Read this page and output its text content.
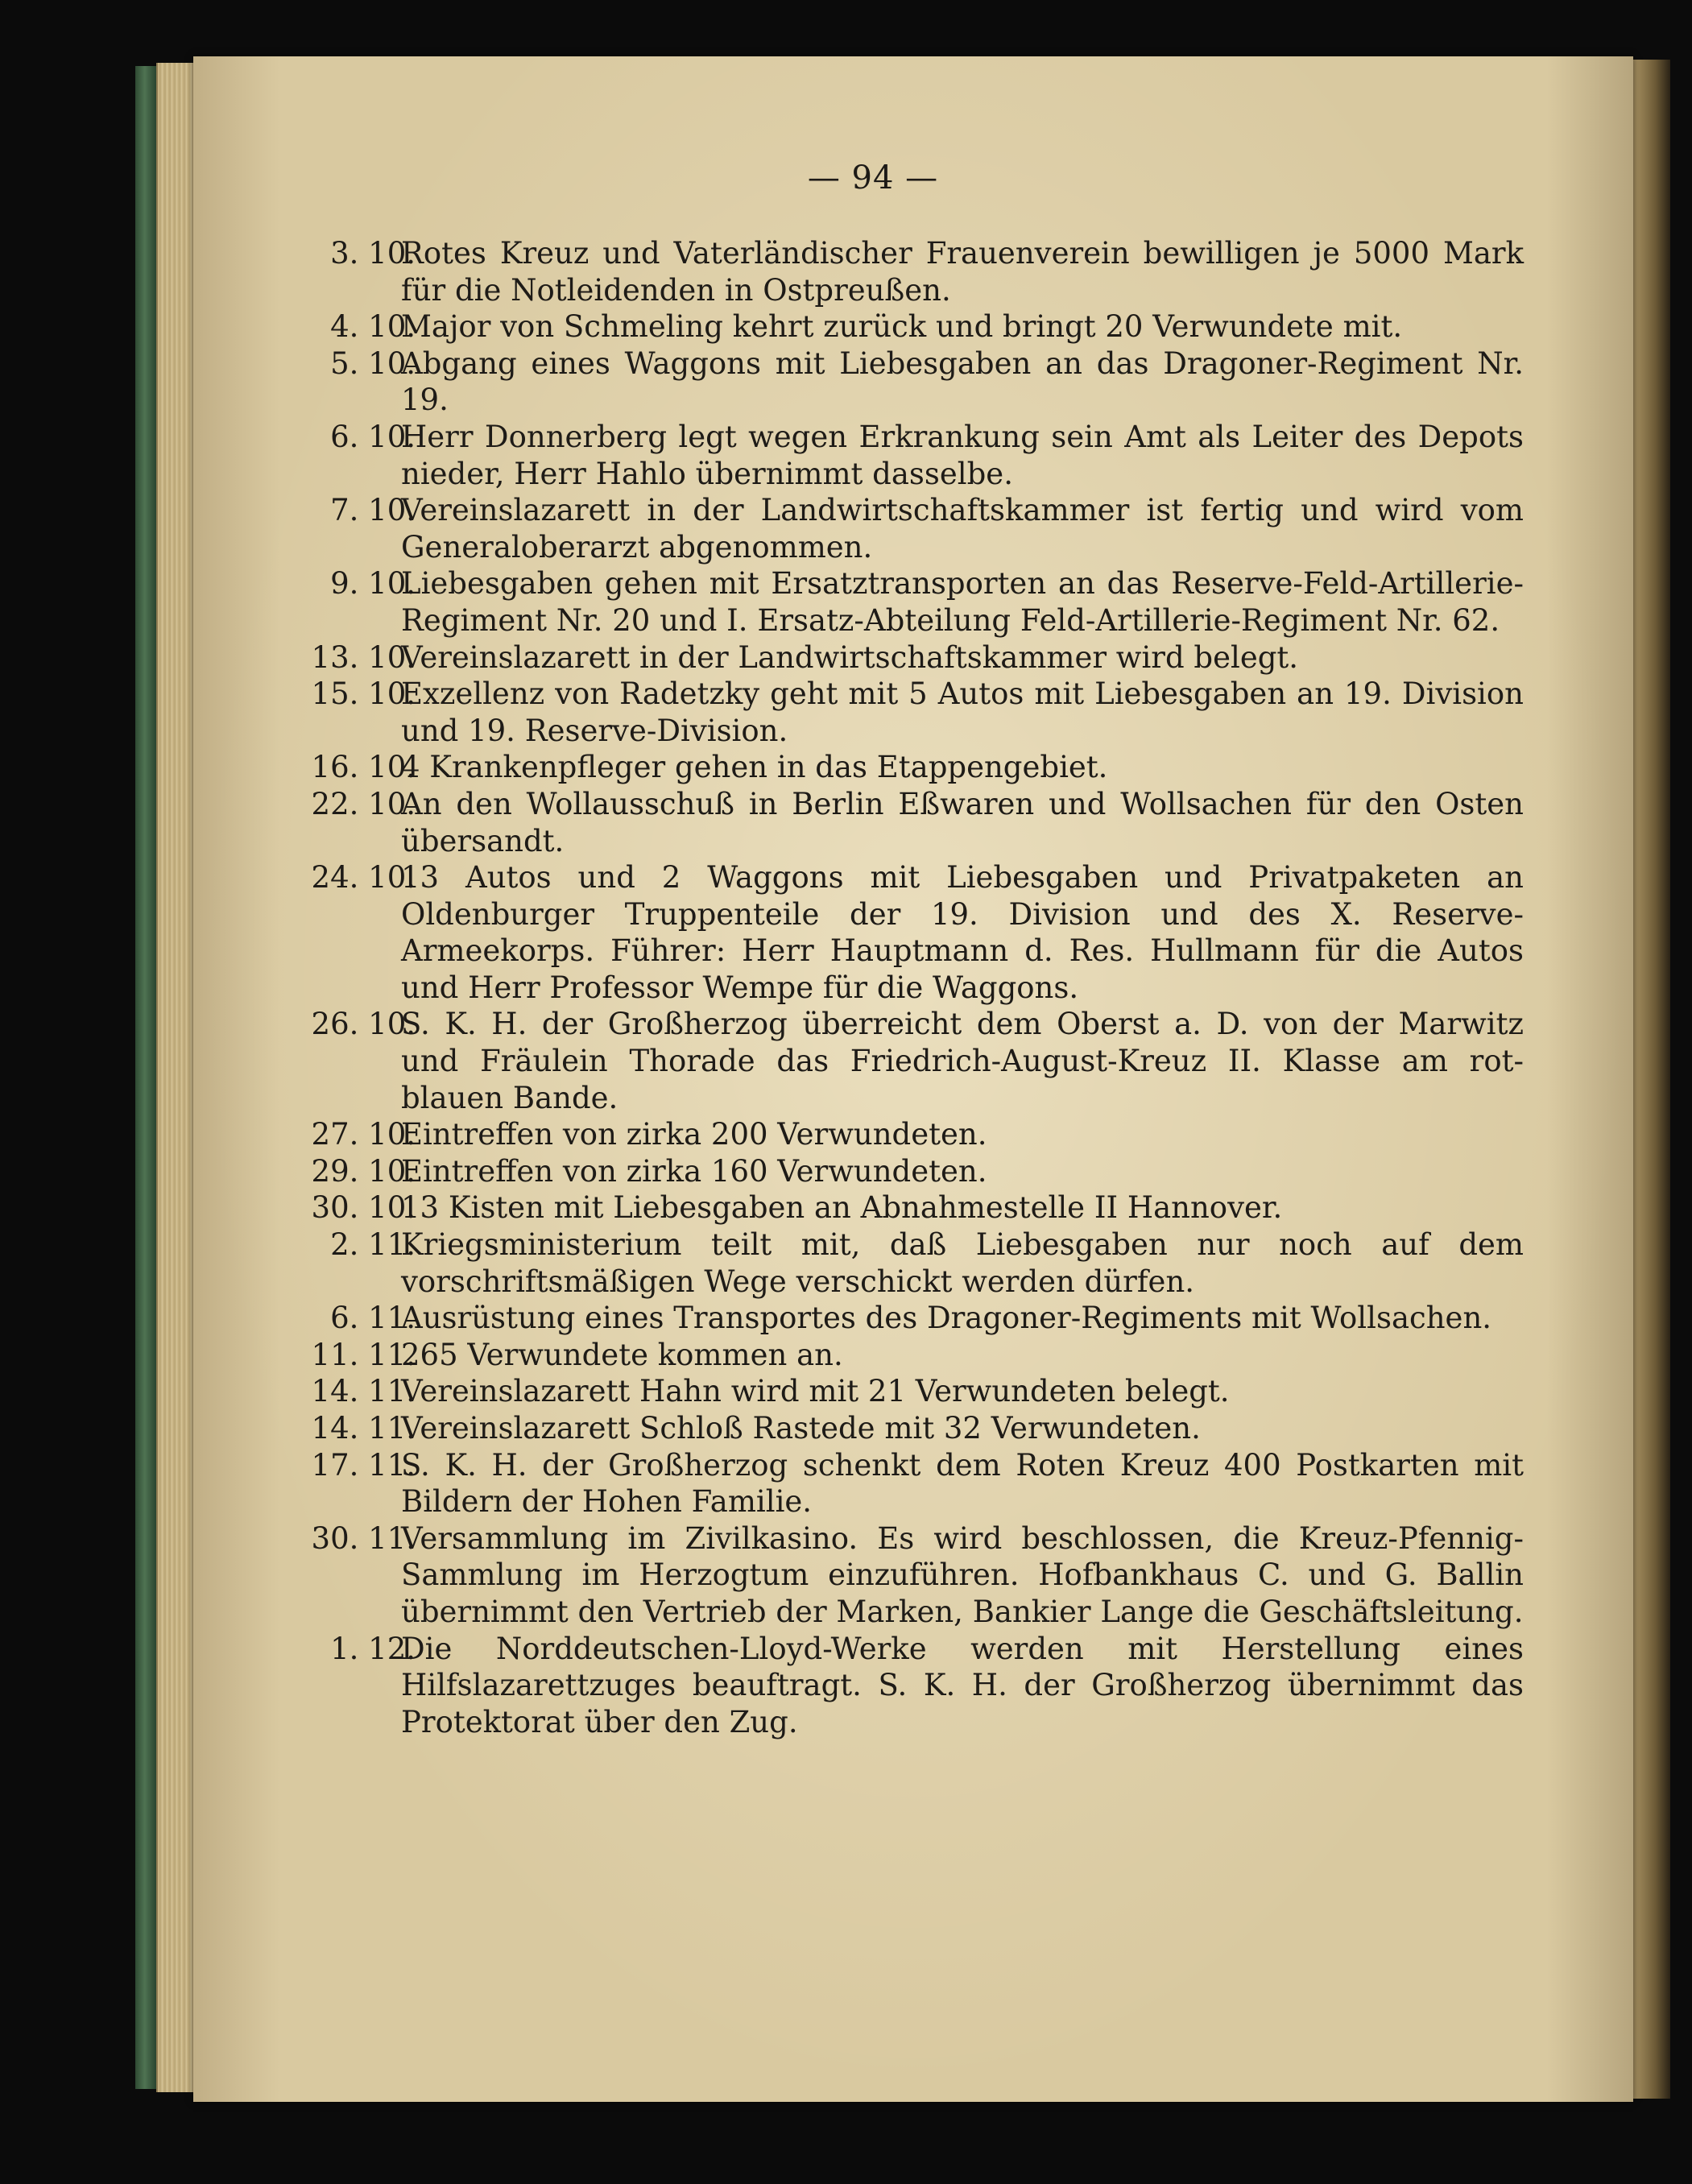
— 94 —
3. 10.
Rotes Kreuz und Vaterländischer Frauenverein bewilligen je 5000 Mark für die Notleidenden in Ostpreußen.
4. 10.
Major von Schmeling kehrt zurück und bringt 20 Verwundete mit.
5. 10.
Abgang eines Waggons mit Liebesgaben an das Dragoner-Regiment Nr. 19.
6. 10.
Herr Donnerberg legt wegen Erkrankung sein Amt als Leiter des Depots nieder, Herr Hahlo übernimmt dasselbe.
7. 10.
Vereinslazarett in der Landwirtschaftskammer ist fertig und wird vom Generaloberarzt abgenommen.
9. 10.
Liebesgaben gehen mit Ersatztransporten an das Reserve-Feld-Artillerie-Regiment Nr. 20 und I. Ersatz-Abteilung Feld-Artillerie-Regiment Nr. 62.
13. 10.
Vereinslazarett in der Landwirtschaftskammer wird belegt.
15. 10.
Exzellenz von Radetzky geht mit 5 Autos mit Liebesgaben an 19. Division und 19. Reserve-Division.
16. 10.
4 Krankenpfleger gehen in das Etappengebiet.
22. 10.
An den Wollausschuß in Berlin Eßwaren und Wollsachen für den Osten übersandt.
24. 10.
13 Autos und 2 Waggons mit Liebesgaben und Privatpaketen an Oldenburger Truppenteile der 19. Division und des X. Reserve-Armeekorps. Führer: Herr Hauptmann d. Res. Hullmann für die Autos und Herr Professor Wempe für die Waggons.
26. 10.
S. K. H. der Großherzog überreicht dem Oberst a. D. von der Marwitz und Fräulein Thorade das Friedrich-August-Kreuz II. Klasse am rot-blauen Bande.
27. 10.
Eintreffen von zirka 200 Verwundeten.
29. 10.
Eintreffen von zirka 160 Verwundeten.
30. 10.
13 Kisten mit Liebesgaben an Abnahmestelle II Hannover.
2. 11.
Kriegsministerium teilt mit, daß Liebesgaben nur noch auf dem vorschriftsmäßigen Wege verschickt werden dürfen.
6. 11.
Ausrüstung eines Transportes des Dragoner-Regiments mit Wollsachen.
11. 11.
265 Verwundete kommen an.
14. 11.
Vereinslazarett Hahn wird mit 21 Verwundeten belegt.
14. 11.
Vereinslazarett Schloß Rastede mit 32 Verwundeten.
17. 11.
S. K. H. der Großherzog schenkt dem Roten Kreuz 400 Postkarten mit Bildern der Hohen Familie.
30. 11.
Versammlung im Zivilkasino. Es wird beschlossen, die Kreuz-Pfennig-Sammlung im Herzogtum einzuführen. Hofbankhaus C. und G. Ballin übernimmt den Vertrieb der Marken, Bankier Lange die Geschäftsleitung.
1. 12.
Die Norddeutschen-Lloyd-Werke werden mit Herstellung eines Hilfslazarettzuges beauftragt. S. K. H. der Großherzog übernimmt das Protektorat über den Zug.
